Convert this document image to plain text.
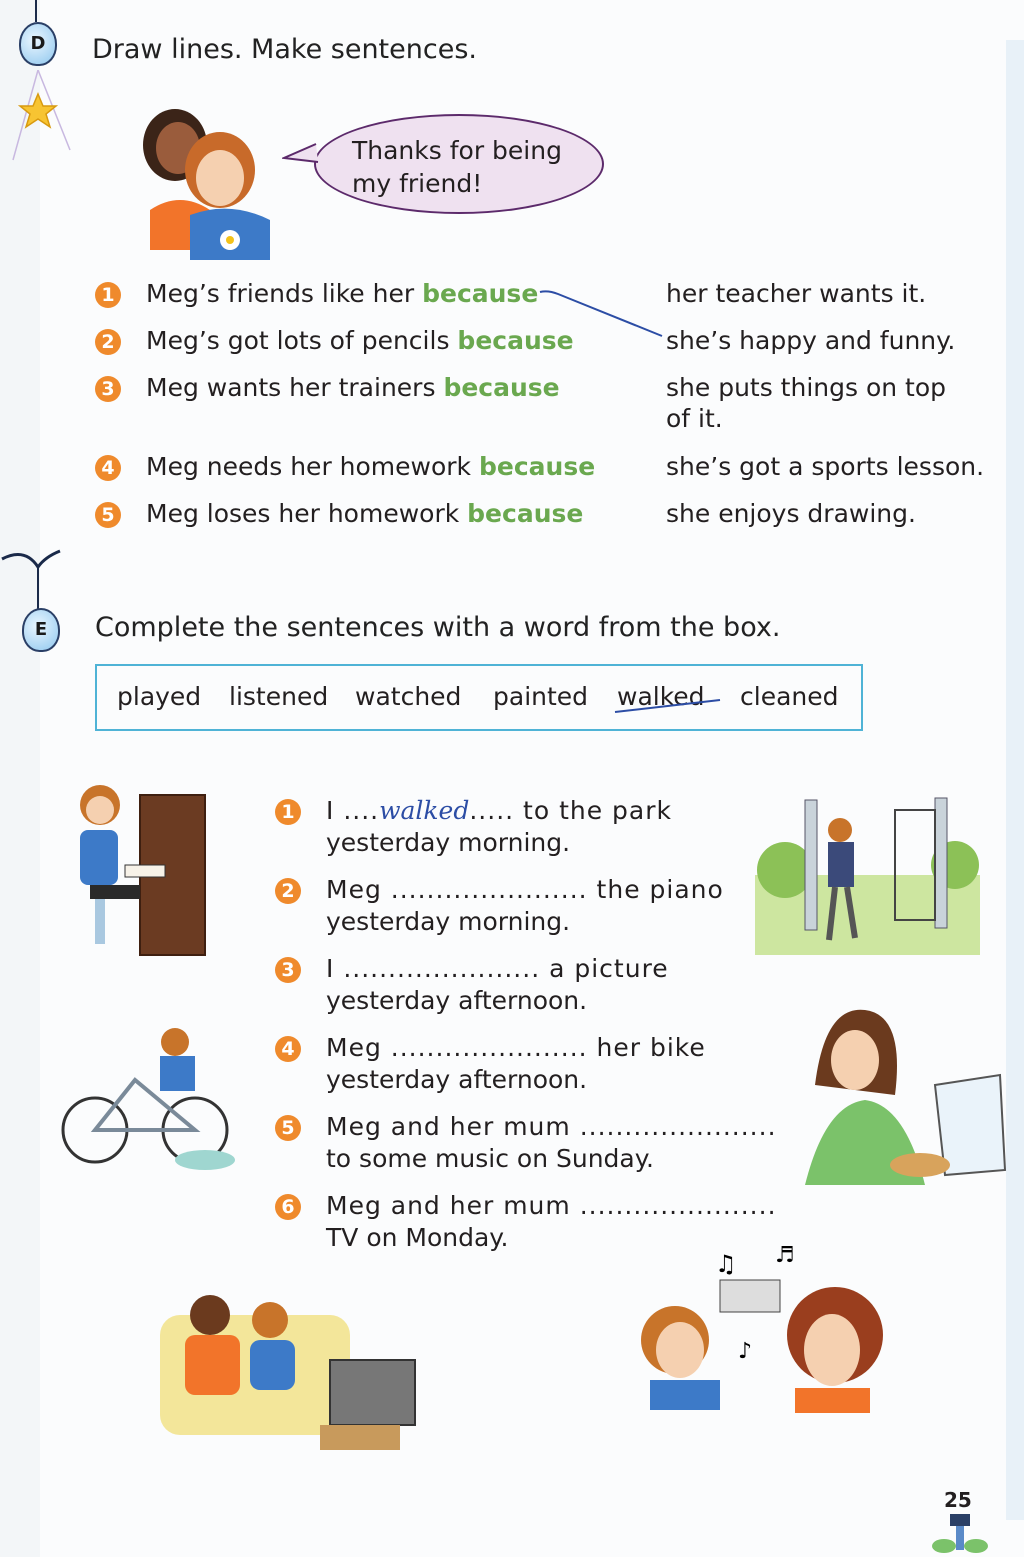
D	Draw lines. Make sentences.
Thanks for being
my friend!
1 Meg’s friends like her because
2 Meg’s got lots of pencils because
3 Meg wants her trainers because
4 Meg needs her homework because
5 Meg loses her homework because
her teacher wants it.
she’s happy and funny.
she puts things on top
of it.
she’s got a sports lesson.
she enjoys drawing.
E	Complete the sentences with a word from the box.
played listened watched painted walked cleaned
1 I ....walked..... to the park
yesterday morning.
2 Meg ...................... the piano
yesterday morning.
3 I ...................... a picture
yesterday afternoon.
4 Meg ...................... her bike
yesterday afternoon.
5 Meg and her mum ......................
to some music on Sunday.
6 Meg and her mum ......................
TV on Monday.
♫ ♬
♪
25
